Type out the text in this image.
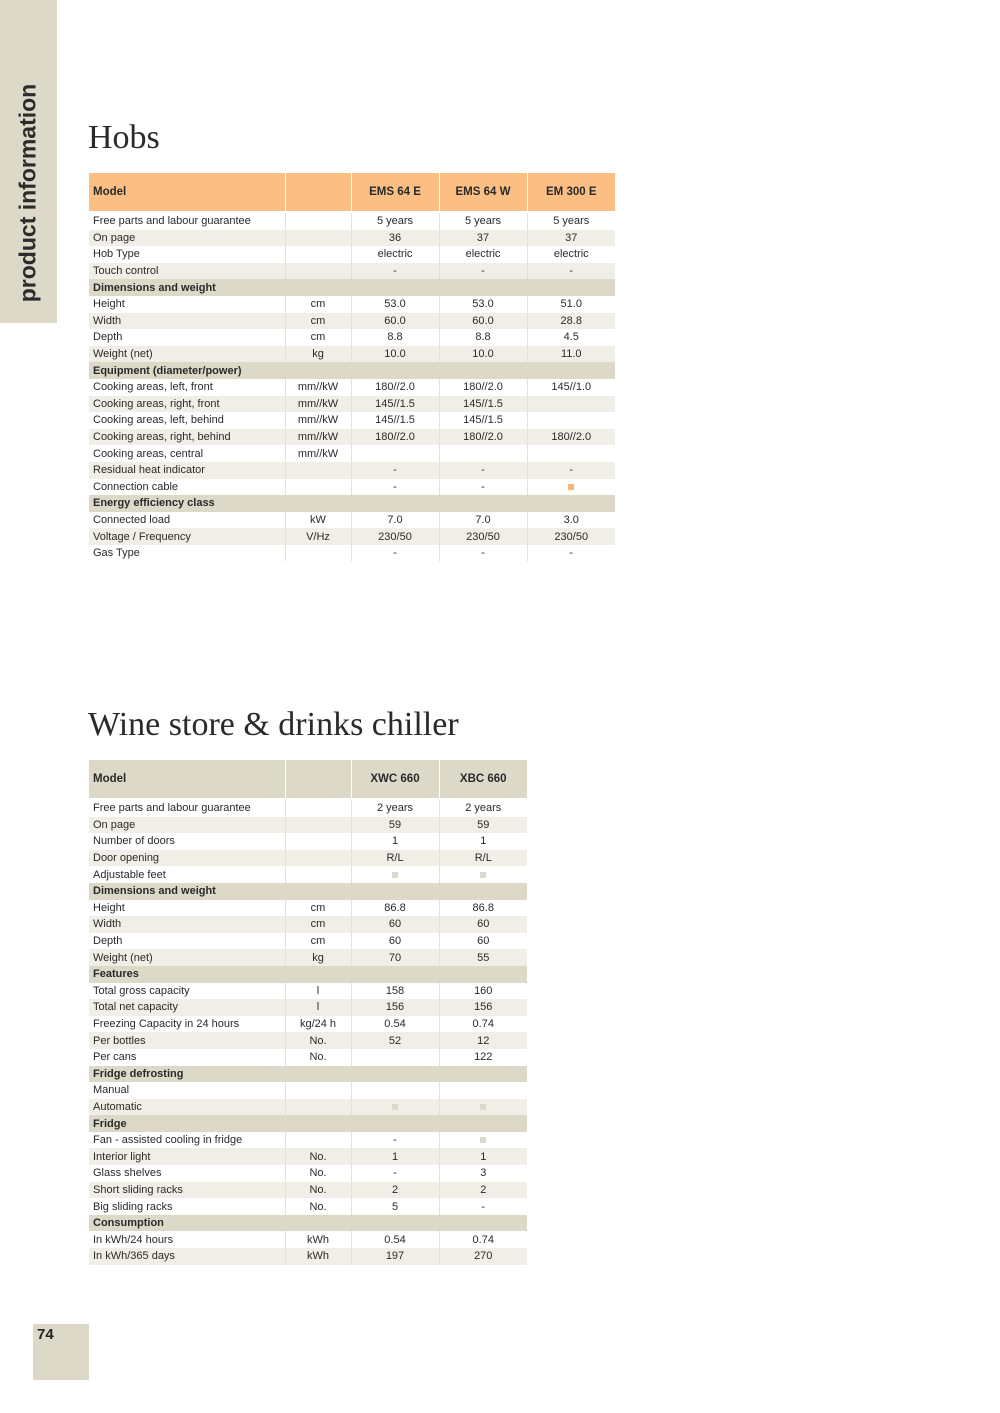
product information Hobs
Model		EMS 64 E	EMS 64 W	EM 300 E

Free parts and labour guarantee		5 years	5 years	5 years
On page		36	37	37
Hob Type		electric	electric	electric
Touch control		-	-	-
Dimensions and weight				
Height	cm	53.0	53.0	51.0
Width	cm	60.0	60.0	28.8
Depth	cm	8.8	8.8	4.5
Weight (net)	kg	10.0	10.0	11.0
Equipment (diameter/power)				
Cooking areas, left, front	mm//kW	180//2.0	180//2.0	145//1.0
Cooking areas, right, front	mm//kW	145//1.5	145//1.5	
Cooking areas, left, behind	mm//kW	145//1.5	145//1.5	
Cooking areas, right, behind	mm//kW	180//2.0	180//2.0	180//2.0
Cooking areas, central	mm//kW			
Residual heat indicator		-	-	-
Connection cable		-	-	
Energy efficiency class				
Connected load	kW	7.0	7.0	3.0
Voltage / Frequency	V/Hz	230/50	230/50	230/50
Gas Type		-	-	-
Wine store & drinks chiller
Model		XWC 660	XBC 660

Free parts and labour guarantee		2 years	2 years
On page		59	59
Number of doors		1	1
Door opening		R/L	R/L
Adjustable feet			
Dimensions and weight			
Height	cm	86.8	86.8
Width	cm	60	60
Depth	cm	60	60
Weight (net)	kg	70	55
Features			
Total gross capacity	l	158	160
Total net capacity	l	156	156
Freezing Capacity in 24 hours	kg/24 h	0.54	0.74
Per bottles	No.	52	12
Per cans	No.		122
Fridge defrosting			
Manual			
Automatic			
Fridge			
Fan - assisted cooling in fridge		-	
Interior light	No.	1	1
Glass shelves	No.	-	3
Short sliding racks	No.	2	2
Big sliding racks	No.	5	-
Consumption			
In kWh/24 hours	kWh	0.54	0.74
In kWh/365 days	kWh	197	270
74
